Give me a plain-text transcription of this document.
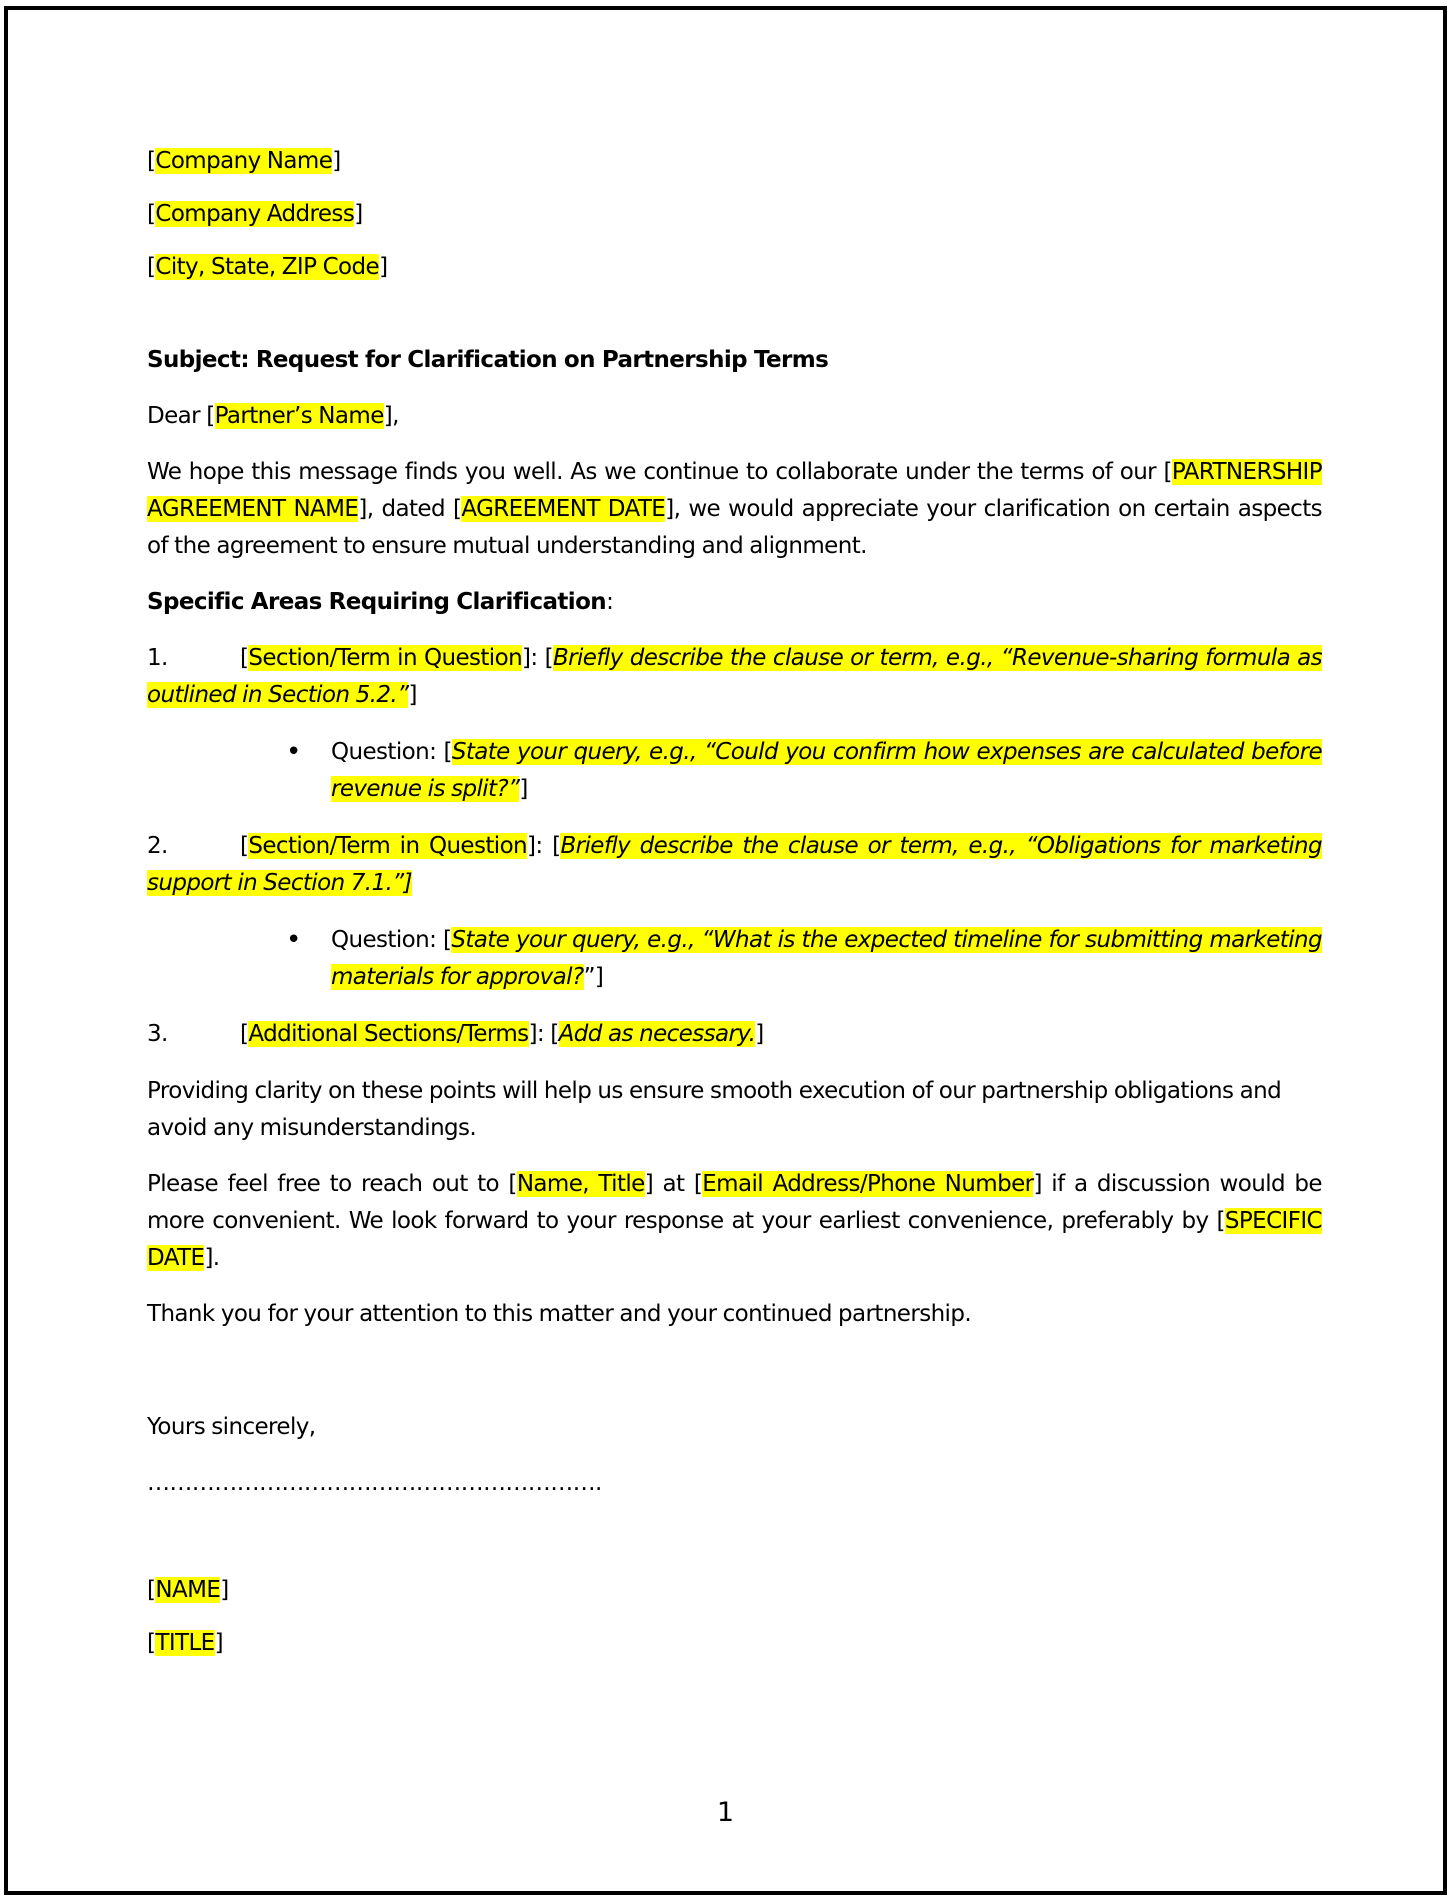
[Company Name]

[Company Address]

[City, State, ZIP Code]

Subject: Request for Clarification on Partnership Terms

Dear [Partner’s Name],

We hope this message finds you well. As we continue to collaborate under the terms of our [PARTNERSHIP AGREEMENT NAME], dated [AGREEMENT DATE], we would appreciate your clarification on certain aspects of the agreement to ensure mutual understanding and alignment.

Specific Areas Requiring Clarification:

1.	[Section/Term in Question]: [Briefly describe the clause or term, e.g., “Revenue-sharing formula as outlined in Section 5.2.”]

• Question: [State your query, e.g., “Could you confirm how expenses are calculated before revenue is split?”]

2.	[Section/Term in Question]: [Briefly describe the clause or term, e.g., “Obligations for marketing support in Section 7.1.”]

• Question: [State your query, e.g., “What is the expected timeline for submitting marketing materials for approval?”]

3.	[Additional Sections/Terms]: [Add as necessary.]

Providing clarity on these points will help us ensure smooth execution of our partnership obligations and avoid any misunderstandings.

Please feel free to reach out to [Name, Title] at [Email Address/Phone Number] if a discussion would be more convenient. We look forward to your response at your earliest convenience, preferably by [SPECIFIC DATE].

Thank you for your attention to this matter and your continued partnership.

Yours sincerely,

…………………………………………………….

[NAME]

[TITLE]

1
